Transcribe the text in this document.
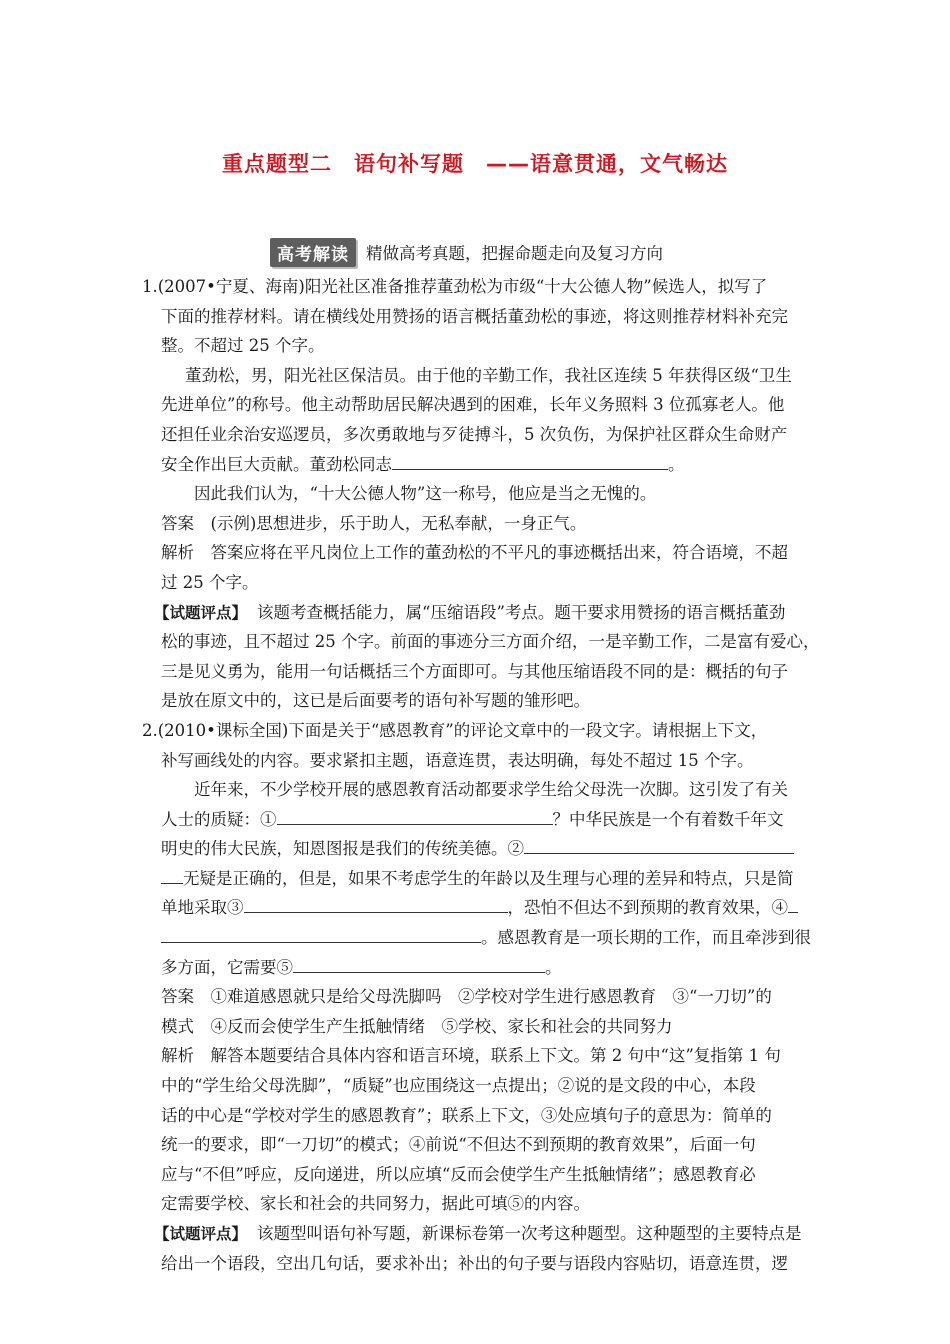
重点题型二　语句补写题　——语意贯通，文气畅达
高考解读	精做高考真题，把握命题走向及复习方向
1.(2007•宁夏、海南)阳光社区准备推荐董劲松为市级“十大公德人物”候选人，拟写了
下面的推荐材料。请在横线处用赞扬的语言概括董劲松的事迹，将这则推荐材料补充完
整。不超过 25 个字。
董劲松，男，阳光社区保洁员。由于他的辛勤工作，我社区连续 5 年获得区级“卫生
先进单位”的称号。他主动帮助居民解决遇到的困难，长年义务照料 3 位孤寡老人。他
还担任业余治安巡逻员，多次勇敢地与歹徒搏斗，5 次负伤，为保护社区群众生命财产
安全作出巨大贡献。董劲松同志	。
因此我们认为，“十大公德人物”这一称号，他应是当之无愧的。
答案　(示例)思想进步，乐于助人，无私奉献，一身正气。
解析　答案应将在平凡岗位上工作的董劲松的不平凡的事迹概括出来，符合语境，不超
过 25 个字。
【试题评点】 该题考查概括能力，属“压缩语段”考点。题干要求用赞扬的语言概括董劲
松的事迹，且不超过 25 个字。前面的事迹分三方面介绍，一是辛勤工作，二是富有爱心，
三是见义勇为，能用一句话概括三个方面即可。与其他压缩语段不同的是：概括的句子
是放在原文中的，这已是后面要考的语句补写题的雏形吧。
2.(2010•课标全国)下面是关于“感恩教育”的评论文章中的一段文字。请根据上下文，
补写画线处的内容。要求紧扣主题，语意连贯，表达明确，每处不超过 15 个字。
近年来，不少学校开展的感恩教育活动都要求学生给父母洗一次脚。这引发了有关
人士的质疑：①	？中华民族是一个有着数千年文
明史的伟大民族，知恩图报是我们的传统美德。②
无疑是正确的，但是，如果不考虑学生的年龄以及生理与心理的差异和特点，只是简
单地采取③	，恐怕不但达不到预期的教育效果，④
。感恩教育是一项长期的工作，而且牵涉到很
多方面，它需要⑤	。
答案　①难道感恩就只是给父母洗脚吗　②学校对学生进行感恩教育　③“一刀切”的
模式　④反而会使学生产生抵触情绪　⑤学校、家长和社会的共同努力
解析　解答本题要结合具体内容和语言环境，联系上下文。第 2 句中“这”复指第 1 句
中的“学生给父母洗脚”，“质疑”也应围绕这一点提出；②说的是文段的中心，本段
话的中心是“学校对学生的感恩教育”；联系上下文，③处应填句子的意思为：简单的
统一的要求，即“一刀切”的模式；④前说“不但达不到预期的教育效果”，后面一句
应与“不但”呼应，反向递进，所以应填“反而会使学生产生抵触情绪”；感恩教育必
定需要学校、家长和社会的共同努力，据此可填⑤的内容。
【试题评点】 该题型叫语句补写题，新课标卷第一次考这种题型。这种题型的主要特点是
给出一个语段，空出几句话，要求补出；补出的句子要与语段内容贴切，语意连贯，逻
